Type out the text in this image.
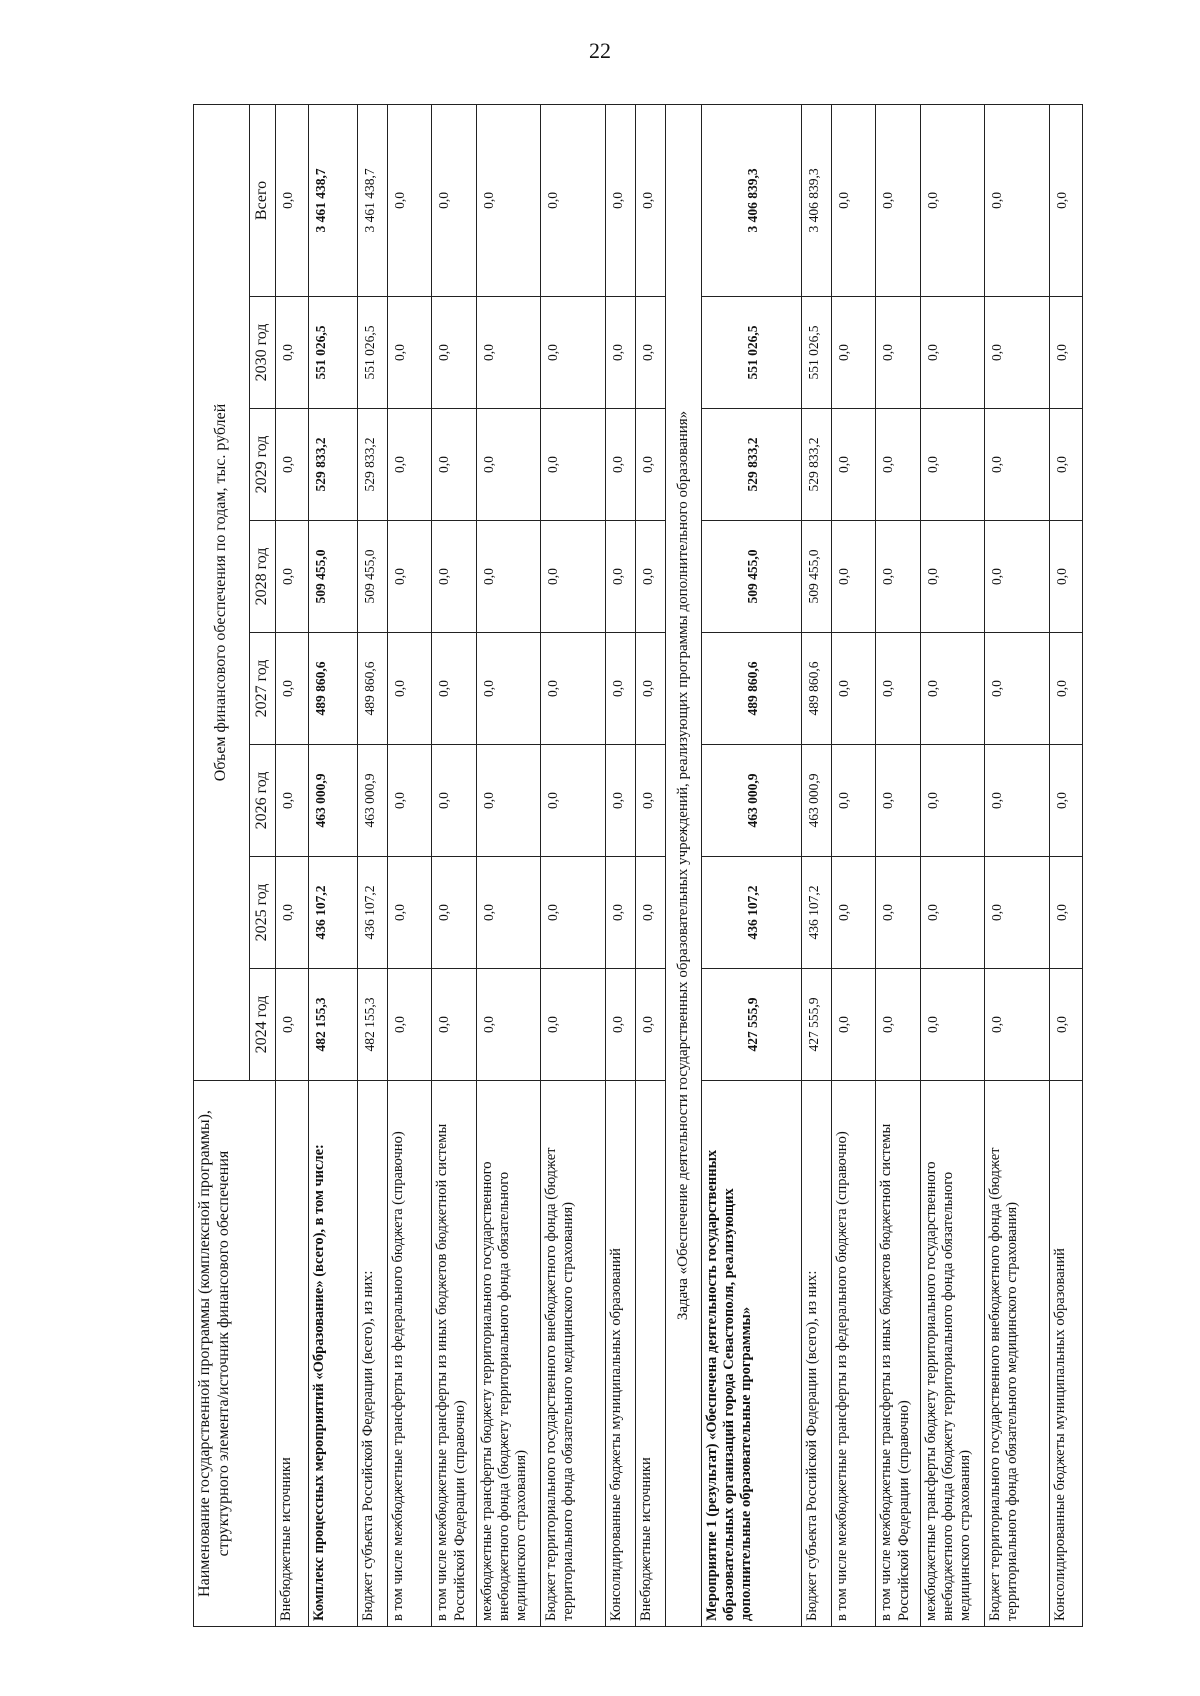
22
Наименование государственной программы (комплексной программы), структурного элемента/источник финансового обеспечения	Объем финансового обеспечения по годам, тыс. рублей							
	2024 год	2025 год	2026 год	2027 год	2028 год	2029 год	2030 год	Всего
Внебюджетные источники	0,0	0,0	0,0	0,0	0,0	0,0	0,0	0,0
Комплекс процессных мероприятий «Образование» (всего), в том числе:	482 155,3	436 107,2	463 000,9	489 860,6	509 455,0	529 833,2	551 026,5	3 461 438,7
Бюджет субъекта Российской Федерации (всего), из них:	482 155,3	436 107,2	463 000,9	489 860,6	509 455,0	529 833,2	551 026,5	3 461 438,7
в том числе межбюджетные трансферты из федерального бюджета (справочно)	0,0	0,0	0,0	0,0	0,0	0,0	0,0	0,0
в том числе межбюджетные трансферты из иных бюджетов бюджетной системы Российской Федерации (справочно)	0,0	0,0	0,0	0,0	0,0	0,0	0,0	0,0
межбюджетные трансферты бюджету территориального государственного внебюджетного фонда (бюджету территориального фонда обязательного медицинского страхования)	0,0	0,0	0,0	0,0	0,0	0,0	0,0	0,0
Бюджет территориального государственного внебюджетного фонда (бюджет территориального фонда обязательного медицинского страхования)	0,0	0,0	0,0	0,0	0,0	0,0	0,0	0,0
Консолидированные бюджеты муниципальных образований	0,0	0,0	0,0	0,0	0,0	0,0	0,0	0,0
Внебюджетные источники	0,0	0,0	0,0	0,0	0,0	0,0	0,0	0,0
Задача «Обеспечение деятельности государственных образовательных учреждений, реализующих программы дополнительного образования»								
Мероприятие 1 (результат) «Обеспечена деятельность государственных образовательных организаций города Севастополя, реализующих дополнительные образовательные программы»	427 555,9	436 107,2	463 000,9	489 860,6	509 455,0	529 833,2	551 026,5	3 406 839,3
Бюджет субъекта Российской Федерации (всего), из них:	427 555,9	436 107,2	463 000,9	489 860,6	509 455,0	529 833,2	551 026,5	3 406 839,3
в том числе межбюджетные трансферты из федерального бюджета (справочно)	0,0	0,0	0,0	0,0	0,0	0,0	0,0	0,0
в том числе межбюджетные трансферты из иных бюджетов бюджетной системы Российской Федерации (справочно)	0,0	0,0	0,0	0,0	0,0	0,0	0,0	0,0
межбюджетные трансферты бюджету территориального государственного внебюджетного фонда (бюджету территориального фонда обязательного медицинского страхования)	0,0	0,0	0,0	0,0	0,0	0,0	0,0	0,0
Бюджет территориального государственного внебюджетного фонда (бюджет территориального фонда обязательного медицинского страхования)	0,0	0,0	0,0	0,0	0,0	0,0	0,0	0,0
Консолидированные бюджеты муниципальных образований	0,0	0,0	0,0	0,0	0,0	0,0	0,0	0,0
